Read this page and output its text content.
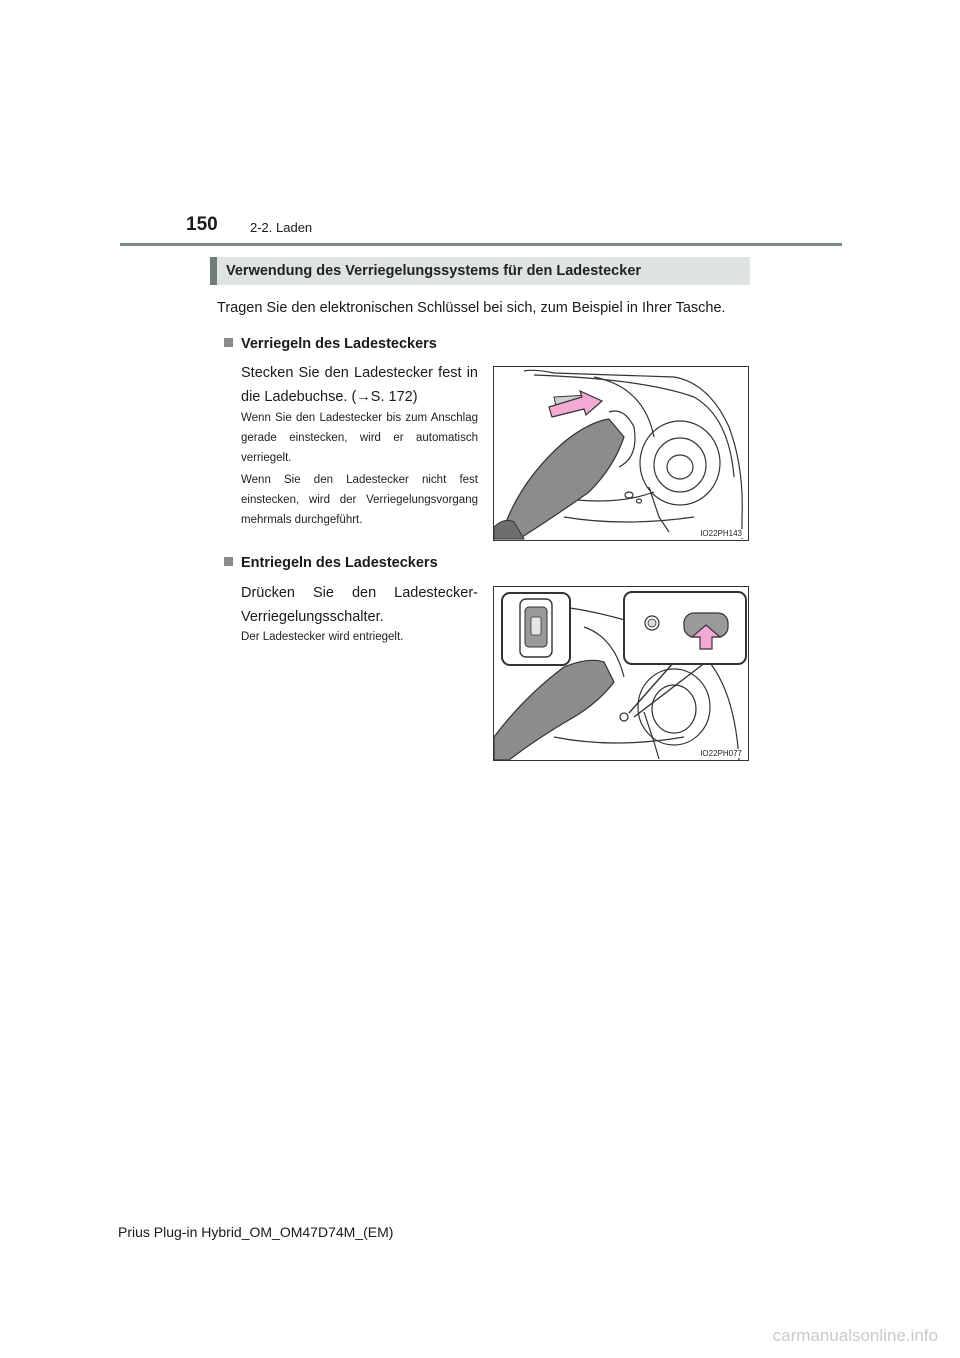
150 2-2. Laden
Verwendung des Verriegelungssystems für den Ladestecker
Tragen Sie den elektronischen Schlüssel bei sich, zum Beispiel in Ihrer Tasche.
Verriegeln des Ladesteckers
Stecken Sie den Ladestecker fest in die Ladebuchse. (→S. 172)
Wenn Sie den Ladestecker bis zum Anschlag gerade einstecken, wird er automatisch verriegelt.
Wenn Sie den Ladestecker nicht fest einstecken, wird der Verriegelungsvorgang mehrmals durchgeführt.
IO22PH143
Entriegeln des Ladesteckers
Drücken Sie den Ladestecker-Verriegelungsschalter.
Der Ladestecker wird entriegelt.
IO22PH077
Prius Plug-in Hybrid_OM_OM47D74M_(EM)
carmanualsonline.info
